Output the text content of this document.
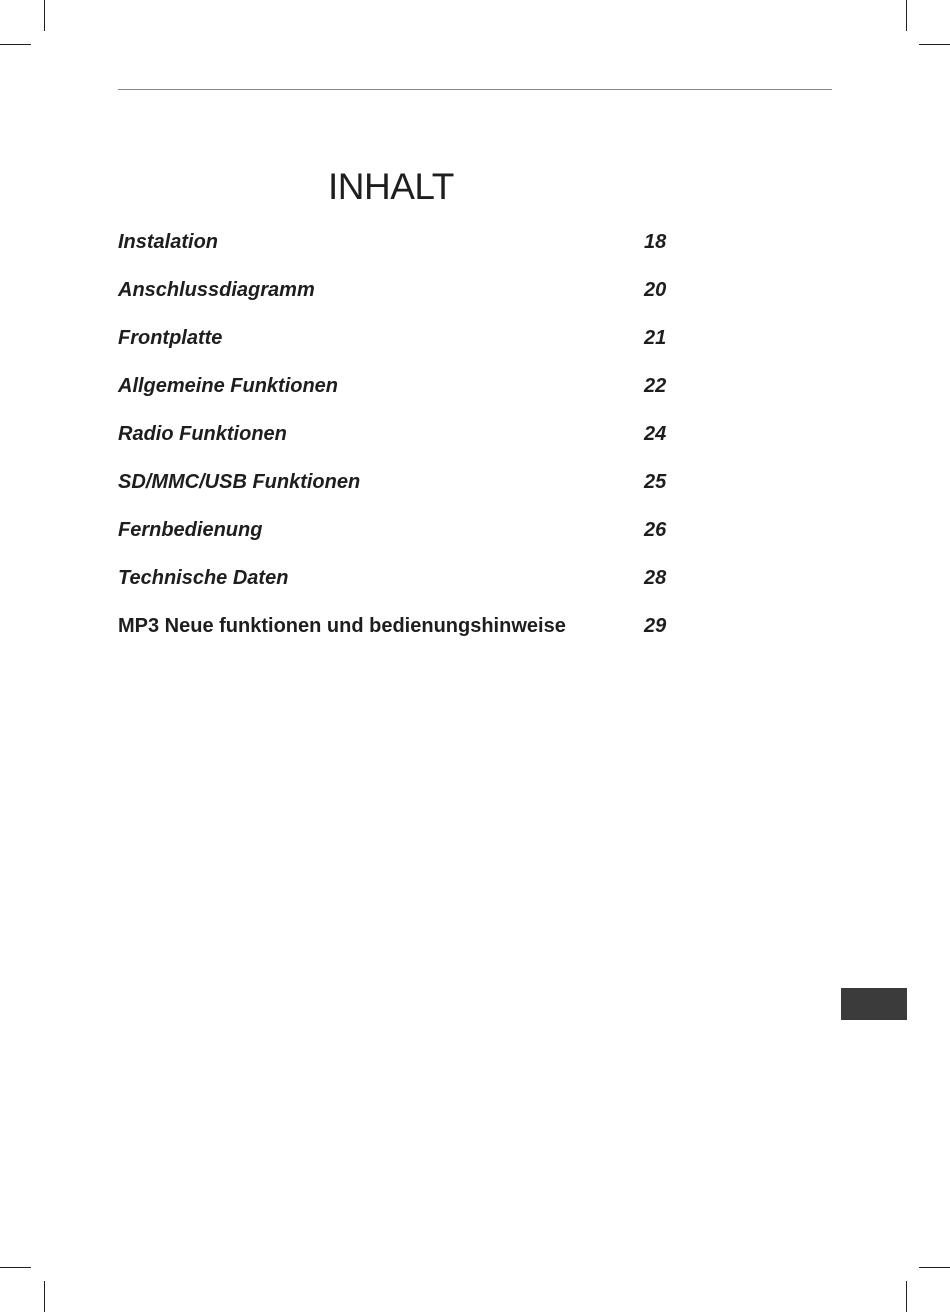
INHALT
Instalation	18
Anschlussdiagramm	20
Frontplatte	21
Allgemeine Funktionen	22
Radio Funktionen	24
SD/MMC/USB Funktionen	25
Fernbedienung	26
Technische Daten	28
MP3 Neue funktionen und bedienungshinweise	29
